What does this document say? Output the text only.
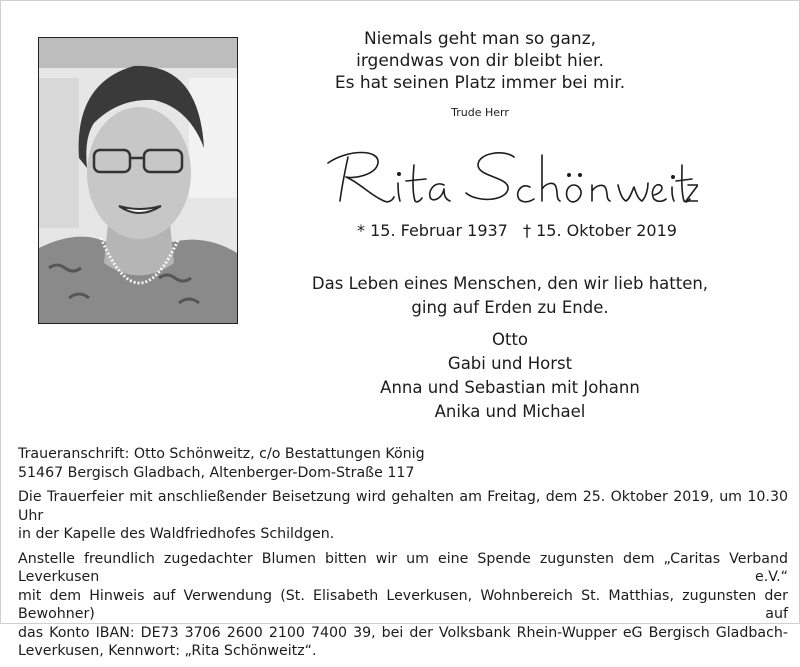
Niemals geht man so ganz,
irgendwas von dir bleibt hier.
Es hat seinen Platz immer bei mir.
Trude Herr
* 15. Februar 1937 † 15. Oktober 2019
Das Leben eines Menschen, den wir lieb hatten,
ging auf Erden zu Ende.
Otto
Gabi und Horst
Anna und Sebastian mit Johann
Anika und Michael

Traueranschrift: Otto Schönweitz, c/o Bestattungen König
51467 Bergisch Gladbach, Altenberger-Dom-Straße 117

Die Trauerfeier mit anschließender Beisetzung wird gehalten am Freitag, dem 25. Oktober 2019, um 10.30 Uhr
in der Kapelle des Waldfriedhofes Schildgen.

Anstelle freundlich zugedachter Blumen bitten wir um eine Spende zugunsten dem „Caritas Verband Leverkusen e.V.“
mit dem Hinweis auf Verwendung (St. Elisabeth Leverkusen, Wohnbereich St. Matthias, zugunsten der Bewohner) auf
das Konto IBAN: DE73 3706 2600 2100 7400 39, bei der Volksbank Rhein-Wupper eG Bergisch Gladbach-
Leverkusen, Kennwort: „Rita Schönweitz“.
